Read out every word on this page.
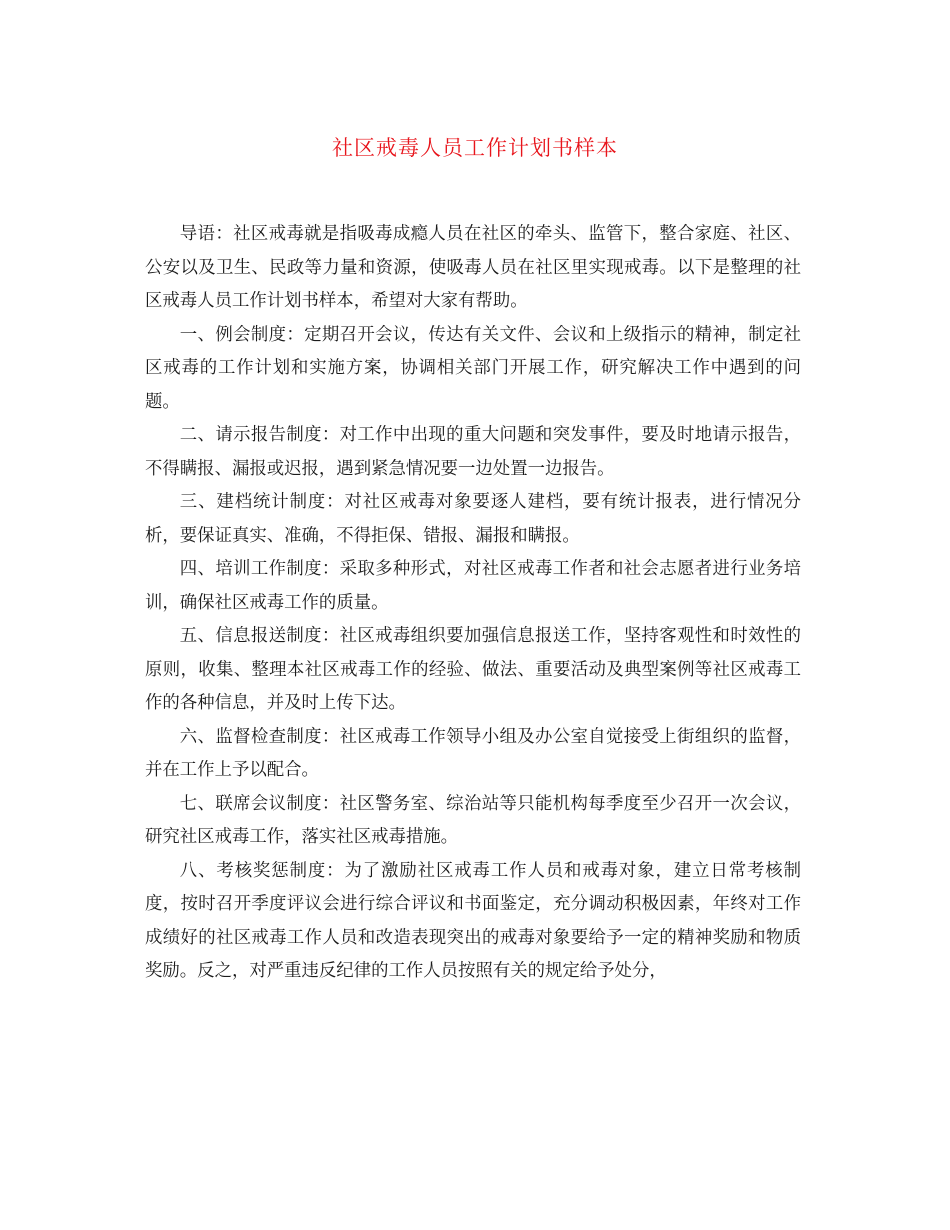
社区戒毒人员工作计划书样本

导语：社区戒毒就是指吸毒成瘾人员在社区的牵头、监管下，整合家庭、社区、公安以及卫生、民政等力量和资源，使吸毒人员在社区里实现戒毒。以下是整理的社区戒毒人员工作计划书样本，希望对大家有帮助。

一、例会制度：定期召开会议，传达有关文件、会议和上级指示的精神，制定社区戒毒的工作计划和实施方案，协调相关部门开展工作，研究解决工作中遇到的问题。

二、请示报告制度：对工作中出现的重大问题和突发事件，要及时地请示报告，不得瞒报、漏报或迟报，遇到紧急情况要一边处置一边报告。

三、建档统计制度：对社区戒毒对象要逐人建档，要有统计报表，进行情况分析，要保证真实、准确，不得拒保、错报、漏报和瞒报。

四、培训工作制度：采取多种形式，对社区戒毒工作者和社会志愿者进行业务培训，确保社区戒毒工作的质量。

五、信息报送制度：社区戒毒组织要加强信息报送工作，坚持客观性和时效性的原则，收集、整理本社区戒毒工作的经验、做法、重要活动及典型案例等社区戒毒工作的各种信息，并及时上传下达。

六、监督检查制度：社区戒毒工作领导小组及办公室自觉接受上街组织的监督，并在工作上予以配合。

七、联席会议制度：社区警务室、综治站等只能机构每季度至少召开一次会议，研究社区戒毒工作，落实社区戒毒措施。

八、考核奖惩制度：为了激励社区戒毒工作人员和戒毒对象，建立日常考核制度，按时召开季度评议会进行综合评议和书面鉴定，充分调动积极因素，年终对工作成绩好的社区戒毒工作人员和改造表现突出的戒毒对象要给予一定的精神奖励和物质奖励。反之，对严重违反纪律的工作人员按照有关的规定给予处分，
